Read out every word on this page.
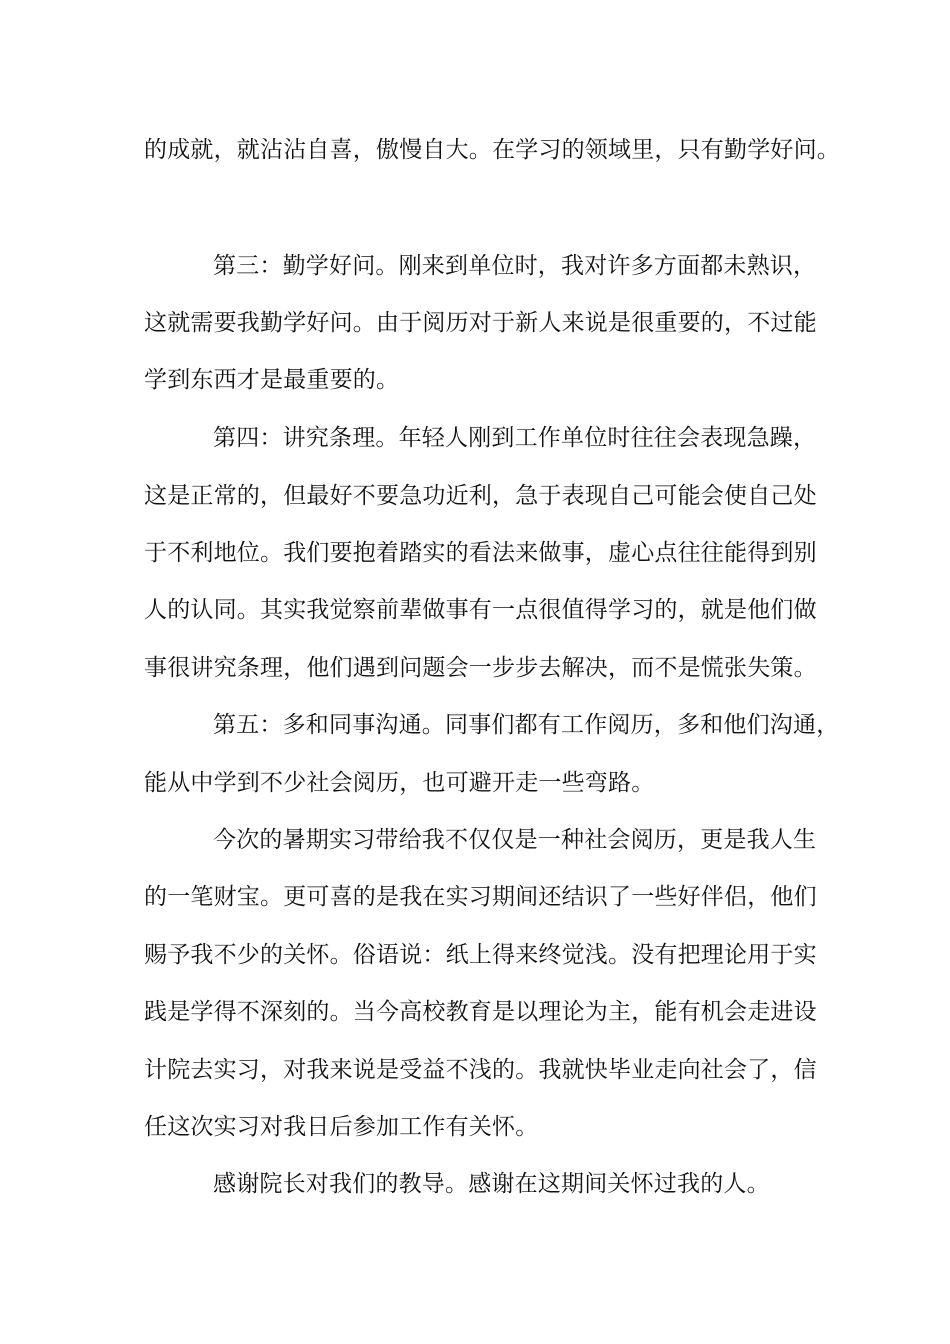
的成就，就沾沾自喜，傲慢自大。在学习的领域里，只有勤学好问。
第三：勤学好问。刚来到单位时，我对许多方面都未熟识，
这就需要我勤学好问。由于阅历对于新人来说是很重要的，不过能
学到东西才是最重要的。
第四：讲究条理。年轻人刚到工作单位时往往会表现急躁，
这是正常的，但最好不要急功近利，急于表现自己可能会使自己处
于不利地位。我们要抱着踏实的看法来做事，虚心点往往能得到别
人的认同。其实我觉察前辈做事有一点很值得学习的，就是他们做
事很讲究条理，他们遇到问题会一步步去解决，而不是慌张失策。
第五：多和同事沟通。同事们都有工作阅历，多和他们沟通，
能从中学到不少社会阅历，也可避开走一些弯路。
今次的暑期实习带给我不仅仅是一种社会阅历，更是我人生
的一笔财宝。更可喜的是我在实习期间还结识了一些好伴侣，他们
赐予我不少的关怀。俗语说：纸上得来终觉浅。没有把理论用于实
践是学得不深刻的。当今高校教育是以理论为主，能有机会走进设
计院去实习，对我来说是受益不浅的。我就快毕业走向社会了，信
任这次实习对我日后参加工作有关怀。
感谢院长对我们的教导。感谢在这期间关怀过我的人。
